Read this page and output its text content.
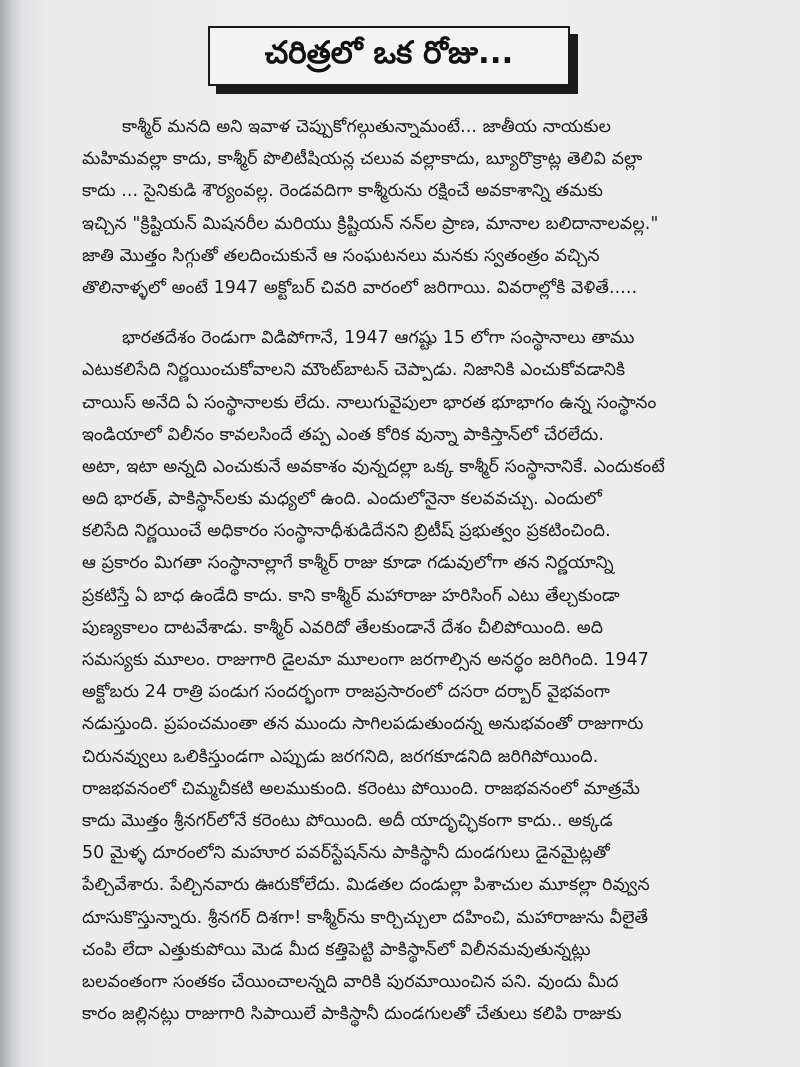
చరిత్రలో ఒక రోజు...
కాశ్మీర్ మనది అని ఇవాళ చెప్పుకోగల్గుతున్నామంటే... జాతీయ నాయకుల
మహిమవల్లా కాదు, కాశ్మీర్ పొలిటీషియన్ల చలువ వల్లాకాదు, బ్యూరొక్రాట్ల తెలివి వల్లా
కాదు ... సైనికుడి శౌర్యంవల్ల. రెండవదిగా కాశ్మీరును రక్షించే అవకాశాన్ని తమకు
ఇచ్చిన "క్రిష్టియన్ మిషనరీల మరియు క్రిష్టియన్ నన్‌ల ప్రాణ, మానాల బలిదానాలవల్ల."
జాతి మొత్తం సిగ్గుతో తలదించుకునే ఆ సంఘటనలు మనకు స్వతంత్రం వచ్చిన
తొలినాళ్ళలో అంటే 1947 అక్టోబర్ చివరి వారంలో జరిగాయి. వివరాల్లోకి వెళితే.....
భారతదేశం రెండుగా విడిపోగానే, 1947 ఆగష్టు 15 లోగా సంస్థానాలు తాము
ఎటుకలిసేది నిర్ణయించుకోవాలని మౌంట్‌బాటన్ చెప్పాడు. నిజానికి ఎంచుకోవడానికి
చాయిస్ అనేది ఏ సంస్థానాలకు లేదు. నాలుగువైపులా భారత భూభాగం ఉన్న సంస్థానం
ఇండియాలో విలీనం కావలసిందే తప్ప ఎంత కోరిక వున్నా పాకిస్తాన్‌లో చేరలేదు.
అటా, ఇటా అన్నది ఎంచుకునే అవకాశం వున్నదల్లా ఒక్క కాశ్మీర్ సంస్థానానికే. ఎందుకంటే
అది భారత్, పాకిస్థాన్‌లకు మధ్యలో ఉంది. ఎందులోనైనా కలవవచ్చు. ఎందులో
కలిసేది నిర్ణయించే అధికారం సంస్థానాధీశుడిదేనని బ్రిటీష్ ప్రభుత్వం ప్రకటించింది.
ఆ ప్రకారం మిగతా సంస్థానాల్లాగే కాశ్మీర్ రాజు కూడా గడువులోగా తన నిర్ణయాన్ని
ప్రకటిస్తే ఏ బాధ ఉండేది కాదు. కాని కాశ్మీర్ మహారాజు హరిసింగ్ ఎటు తేల్చకుండా
పుణ్యకాలం దాటవేశాడు. కాశ్మీర్ ఎవరిదో తేలకుండానే దేశం చీలిపోయింది. అది
సమస్యకు మూలం. రాజుగారి డైలమా మూలంగా జరగాల్సిన అనర్థం జరిగింది. 1947
అక్టోబరు 24 రాత్రి పండుగ సందర్భంగా రాజప్రసారంలో దసరా దర్బార్ వైభవంగా
నడుస్తుంది. ప్రపంచమంతా తన ముందు సాగిలపడుతుందన్న అనుభవంతో రాజుగారు
చిరునవ్వులు ఒలికిస్తుండగా ఎప్పుడు జరగనిది, జరగకూడనిది జరిగిపోయింది.
రాజభవనంలో చిమ్మచీకటి అలముకుంది. కరెంటు పోయింది. రాజభవనంలో మాత్రమే
కాదు మొత్తం శ్రీనగర్‌లోనే కరెంటు పోయింది. అదీ యాదృచ్ఛికంగా కాదు.. అక్కడ
50 మైళ్ళ దూరంలోని మహూర పవర్‌స్టేషన్‌ను పాకిస్థానీ దుండగులు డైనమైట్లతో
పేల్చివేశారు. పేల్చినవారు ఊరుకోలేదు. మిడతల దండుల్లా పిశాచుల మూకల్లా రివ్వున
దూసుకొస్తున్నారు. శ్రీనగర్ దిశగా! కాశ్మీర్‌ను కార్చిచ్చులా దహించి, మహారాజును వీలైతే
చంపి లేదా ఎత్తుకుపోయి మెడ మీద కత్తిపెట్టి పాకిస్థాన్‌లో విలీనమవుతున్నట్లు
బలవంతంగా సంతకం చేయించాలన్నది వారికి పురమాయించిన పని. వుందు మీద
కారం జల్లినట్లు రాజుగారి సిపాయిలే పాకిస్థానీ దుండగులతో చేతులు కలిపి రాజుకు
